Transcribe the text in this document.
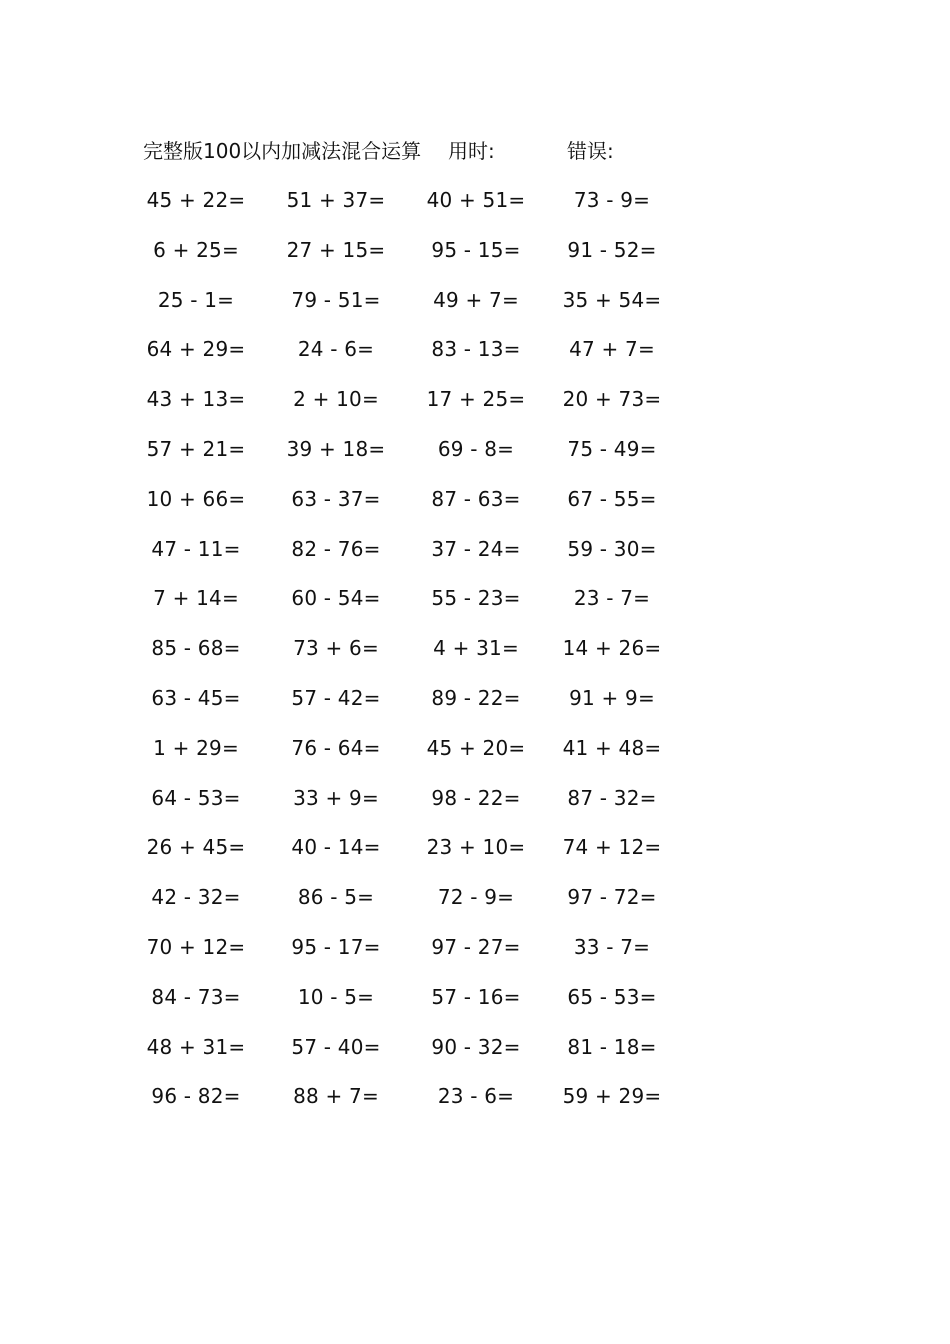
完整版100以内加减法混合运算 用时:	错误:
45 + 22= 51 + 37= 40 + 51= 73 - 9=
6 + 25= 27 + 15= 95 - 15= 91 - 52=
25 - 1=	79 - 51=	49 + 7= 35 + 54=
64 + 29=	24 - 6=	83 - 13= 47 + 7=
43 + 13= 2 + 10= 17 + 25= 20 + 73=
57 + 21= 39 + 18=	69 - 8=	75 - 49=
10 + 66= 63 - 37=	87 - 63= 67 - 55=
47 - 11=	82 - 76=	37 - 24= 59 - 30=
7 + 14=	60 - 54=	55 - 23=	23 - 7=
85 - 68=	73 + 6=	4 + 31= 14 + 26=
63 - 45=	57 - 42=	89 - 22= 91 + 9=
1 + 29=	76 - 64= 45 + 20= 41 + 48=
64 - 53=	33 + 9=	98 - 22= 87 - 32=
26 + 45= 40 - 14= 23 + 10= 74 + 12=
42 - 32=	86 - 5=	72 - 9=	97 - 72=
70 + 12= 95 - 17=	97 - 27=	33 - 7=
84 - 73=	10 - 5=	57 - 16= 65 - 53=
48 + 31= 57 - 40=	90 - 32= 81 - 18=
96 - 82=	88 + 7=	23 - 6= 59 + 29=
